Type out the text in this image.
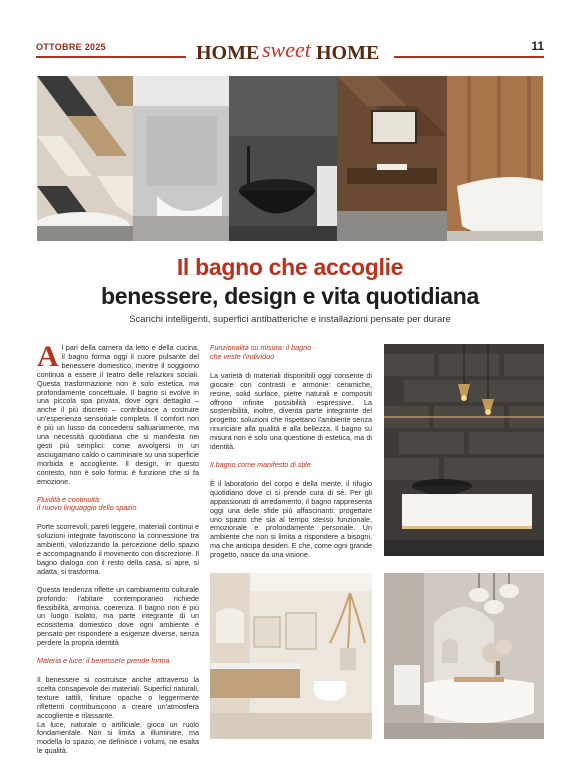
OTTOBRE 2025	HOME sweet HOME	11
Il bagno che accoglie
benessere, design e vita quotidiana
Scarichi intelligenti, superfici antibatteriche e installazioni pensate per durare

A l pari della camera da letto e della cucina, il bagno forma oggi il cuore pulsante del benessere domestico, mentre il soggiorno continua a essere il teatro delle relazioni sociali. Questa trasformazione non è solo estetica, ma profondamente concettuale. Il bagno si evolve in una piccola spa privata, dove ogni dettaglio – anche il più discreto – contribuisce a costruire un'esperienza sensoriale completa. Il comfort non è più un lusso da concedersi saltuariamente, ma una necessità quotidiana che si manifesta nei gesti più semplici: come avvolgersi in un asciugamano caldo o camminare su una superficie morbida e accogliente. Il design, in questo contesto, non è solo forma: è funzione che sì fa emozione.

Fluidità e continuità:
il nuovo linguaggio dello spazio

Porte scorrevoli, pareti leggere, materiali continui e soluzioni integrate favoriscono la connessione tra ambienti, valorizzando la percezione dello spazio e accompagnando il movimento con discrezione. Il bagno dialoga con il resto della casa, si apre, si adatta, si trasforma.

Questa tendenza riflette un cambiamento culturale profondo: l'abitare contemporaneo richiede flessibilità, armonia, coerenza. Il bagno non è più un luogo isolato, ma parte integrante di un ecosistema domestico dove ogni ambiente è pensato per rispondere a esigenze diverse, senza perdere la propria identità

Materia e luce: il benessere prende forma

Il benessere si costruisce anche attraverso la scelta consapevole dei materiali. Superfici naturali, texture tattili, finiture opache o leggermente riflettenti contribuiscono a creare un'atmosfera accogliente e rilassante.

La luce, naturale o artificiale, gioca un ruolo fondamentale. Non si limita a illuminare, ma modella lo spazio, ne definisce i volumi, ne esalta le qualità.

Funzionalità su misura: il bagno
che veste l'individuo

La varietà di materiali disponibili oggi consente di giocare con contrasti e armonie: ceramiche, resine, solid surface, pietre naturali e compositi offrono infinite possibilità espressive. La sostenibilità, inoltre, diventa parte integrante del progetto: soluzioni che rispettano l'ambiente senza rinunciare alla qualità e alla bellezza. Il bagno su misura non è solo una questione di estetica, ma di identità.

Il bagno come manifesto di stile

È il laboratorio del corpo e della mente, il rifugio quotidiano dove ci si prende cura di sé. Per gli appassionati di arredamento, il bagno rappresenta oggi una delle sfide più affascinanti: progettare uno spazio che sia al tempo stesso funzionale, emozionale e profondamente personale. Un ambiente che non si limita a rispondere a bisogni, ma che anticipa desideri. E che, come ogni grande progetto, nasce da una visione.
